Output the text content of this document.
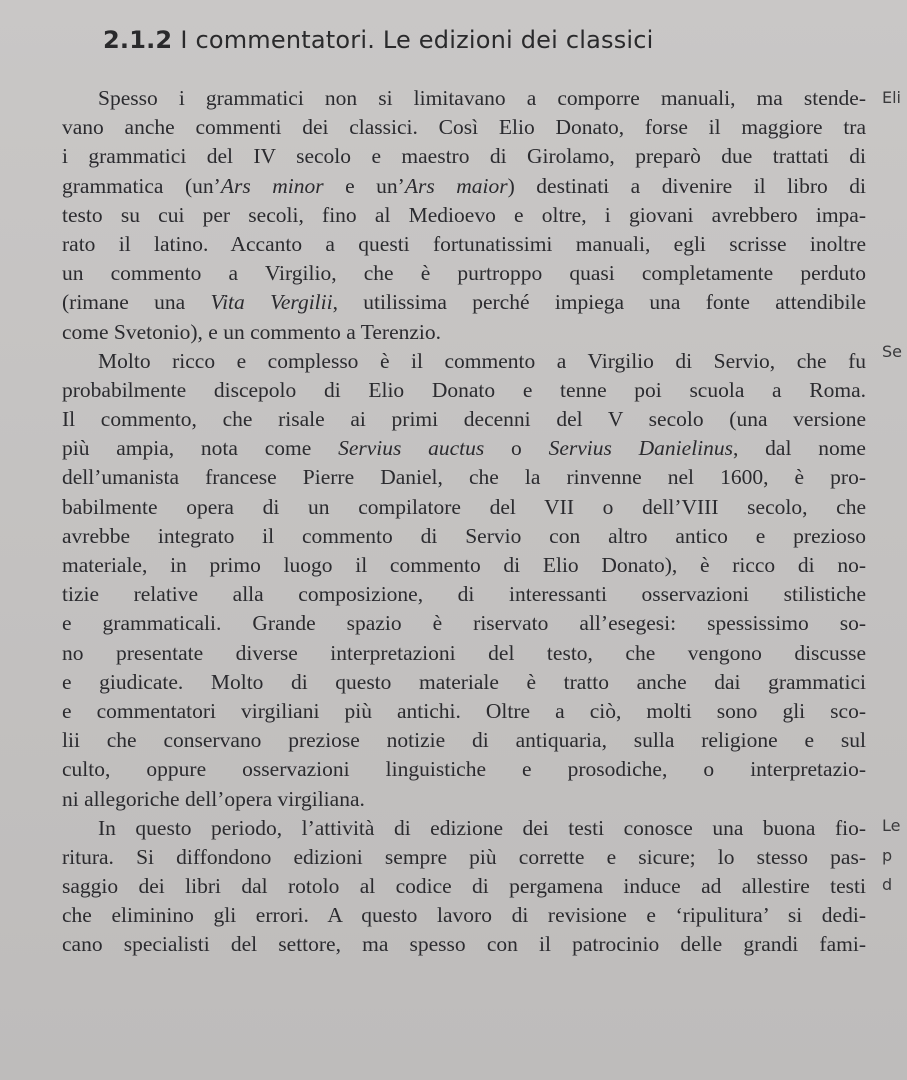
2.1.2 I commentatori. Le edizioni dei classici

Spesso i grammatici non si limitavano a comporre manuali, ma stende-
vano anche commenti dei classici. Così Elio Donato, forse il maggiore tra
i grammatici del IV secolo e maestro di Girolamo, preparò due trattati di
grammatica (un’Ars minor e un’Ars maior) destinati a divenire il libro di
testo su cui per secoli, fino al Medioevo e oltre, i giovani avrebbero impa-
rato il latino. Accanto a questi fortunatissimi manuali, egli scrisse inoltre
un commento a Virgilio, che è purtroppo quasi completamente perduto
(rimane una Vita Vergilii, utilissima perché impiega una fonte attendibile
come Svetonio), e un commento a Terenzio.

Molto ricco e complesso è il commento a Virgilio di Servio, che fu
probabilmente discepolo di Elio Donato e tenne poi scuola a Roma.
Il commento, che risale ai primi decenni del V secolo (una versione
più ampia, nota come Servius auctus o Servius Danielinus, dal nome
dell’umanista francese Pierre Daniel, che la rinvenne nel 1600, è pro-
babilmente opera di un compilatore del VII o dell’VIII secolo, che
avrebbe integrato il commento di Servio con altro antico e prezioso
materiale, in primo luogo il commento di Elio Donato), è ricco di no-
tizie relative alla composizione, di interessanti osservazioni stilistiche
e grammaticali. Grande spazio è riservato all’esegesi: spessissimo so-
no presentate diverse interpretazioni del testo, che vengono discusse
e giudicate. Molto di questo materiale è tratto anche dai grammatici
e commentatori virgiliani più antichi. Oltre a ciò, molti sono gli sco-
lii che conservano preziose notizie di antiquaria, sulla religione e sul
culto, oppure osservazioni linguistiche e prosodiche, o interpretazio-
ni allegoriche dell’opera virgiliana.

In questo periodo, l’attività di edizione dei testi conosce una buona fio-
ritura. Si diffondono edizioni sempre più corrette e sicure; lo stesso pas-
saggio dei libri dal rotolo al codice di pergamena induce ad allestire testi
che eliminino gli errori. A questo lavoro di revisione e ‘ripulitura’ si dedi-
cano specialisti del settore, ma spesso con il patrocinio delle grandi fami-

Eli
Se
Le
p
d
